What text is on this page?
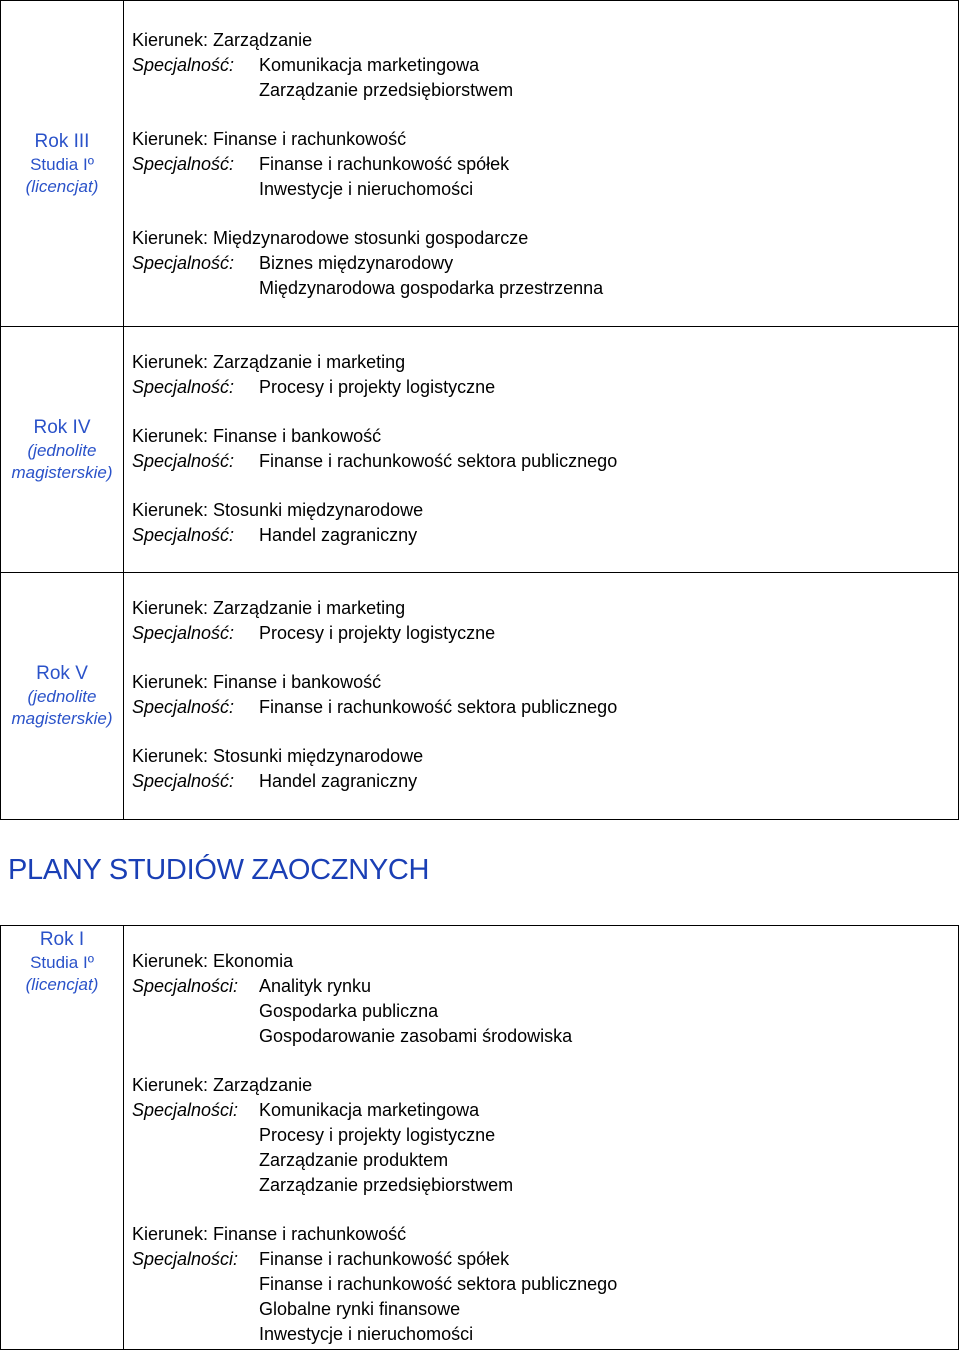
Rok III
Studia Iº
(licencjat)
Kierunek: Zarządzanie
Specjalność:	Komunikacja marketingowa
Zarządzanie przedsiębiorstwem
Kierunek: Finanse i rachunkowość
Specjalność:	Finanse i rachunkowość spółek
Inwestycje i nieruchomości
Kierunek: Międzynarodowe stosunki gospodarcze
Specjalność:	Biznes międzynarodowy
Międzynarodowa gospodarka przestrzenna
Rok IV
(jednolite
magisterskie)
Kierunek: Zarządzanie i marketing
Specjalność:	Procesy i projekty logistyczne
Kierunek: Finanse i bankowość
Specjalność:	Finanse i rachunkowość sektora publicznego
Kierunek: Stosunki międzynarodowe
Specjalność:	Handel zagraniczny
Rok V
(jednolite
magisterskie)
Kierunek: Zarządzanie i marketing
Specjalność:	Procesy i projekty logistyczne
Kierunek: Finanse i bankowość
Specjalność:	Finanse i rachunkowość sektora publicznego
Kierunek: Stosunki międzynarodowe
Specjalność:	Handel zagraniczny
PLANY STUDIÓW ZAOCZNYCH
Rok I
Studia Iº
(licencjat)
Kierunek: Ekonomia
Specjalności:	Analityk rynku
Gospodarka publiczna
Gospodarowanie zasobami środowiska
Kierunek: Zarządzanie
Specjalności:	Komunikacja marketingowa
Procesy i projekty logistyczne
Zarządzanie produktem
Zarządzanie przedsiębiorstwem
Kierunek: Finanse i rachunkowość
Specjalności:	Finanse i rachunkowość spółek
Finanse i rachunkowość sektora publicznego
Globalne rynki finansowe
Inwestycje i nieruchomości
